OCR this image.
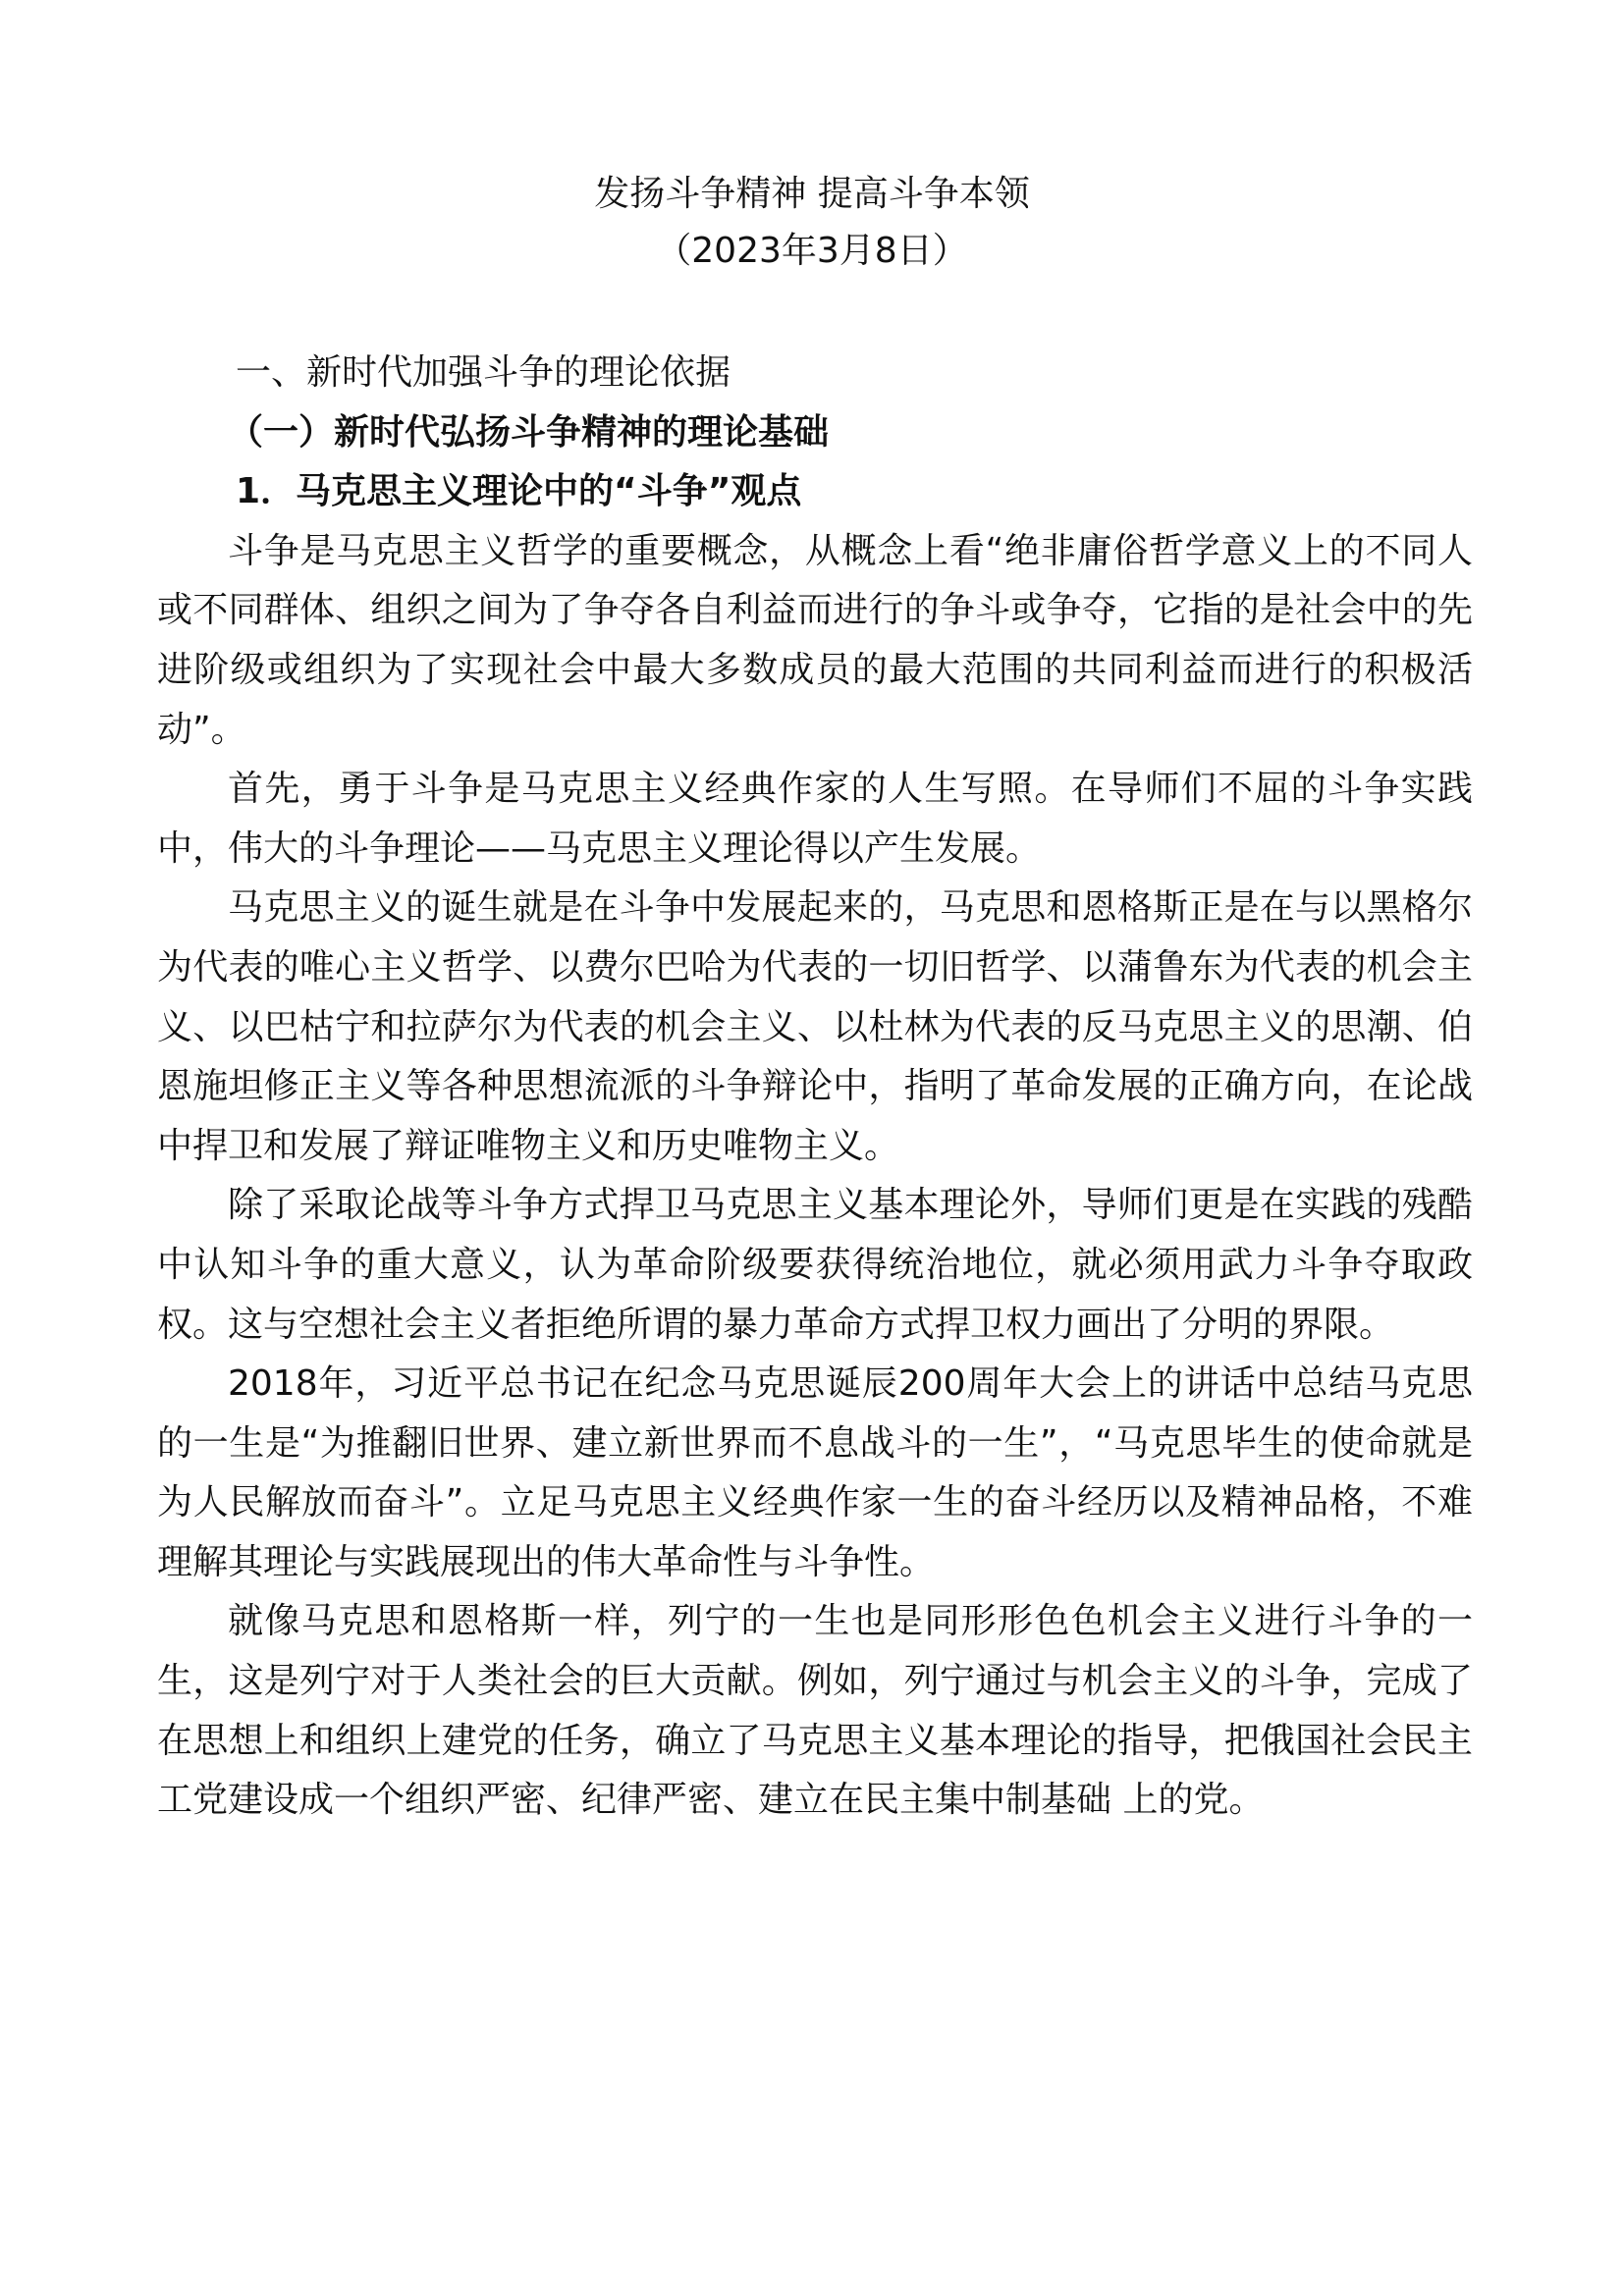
发扬斗争精神 提高斗争本领
（2023年3月8日）
一、新时代加强斗争的理论依据
（一）新时代弘扬斗争精神的理论基础
1．马克思主义理论中的“斗争”观点

斗争是马克思主义哲学的重要概念，从概念上看“绝非庸俗哲学意义上的不同人或不同群体、组织之间为了争夺各自利益而进行的争斗或争夺，它指的是社会中的先进阶级或组织为了实现社会中最大多数成员的最大范围的共同利益而进行的积极活动”。

首先，勇于斗争是马克思主义经典作家的人生写照。在导师们不屈的斗争实践中，伟大的斗争理论——马克思主义理论得以产生发展。

马克思主义的诞生就是在斗争中发展起来的，马克思和恩格斯正是在与以黑格尔为代表的唯心主义哲学、以费尔巴哈为代表的一切旧哲学、以蒲鲁东为代表的机会主义、以巴枯宁和拉萨尔为代表的机会主义、以杜林为代表的反马克思主义的思潮、伯恩施坦修正主义等各种思想流派的斗争辩论中，指明了革命发展的正确方向，在论战中捍卫和发展了辩证唯物主义和历史唯物主义。

除了采取论战等斗争方式捍卫马克思主义基本理论外，导师们更是在实践的残酷中认知斗争的重大意义，认为革命阶级要获得统治地位，就必须用武力斗争夺取政权。这与空想社会主义者拒绝所谓的暴力革命方式捍卫权力画出了分明的界限。

2018年，习近平总书记在纪念马克思诞辰200周年大会上的讲话中总结马克思的一生是“为推翻旧世界、建立新世界而不息战斗的一生”，“马克思毕生的使命就是为人民解放而奋斗”。立足马克思主义经典作家一生的奋斗经历以及精神品格，不难理解其理论与实践展现出的伟大革命性与斗争性。

就像马克思和恩格斯一样，列宁的一生也是同形形色色机会主义进行斗争的一生，这是列宁对于人类社会的巨大贡献。例如，列宁通过与机会主义的斗争，完成了在思想上和组织上建党的任务，确立了马克思主义基本理论的指导，把俄国社会民主工党建设成一个组织严密、纪律严密、建立在民主集中制基础 上的党。
